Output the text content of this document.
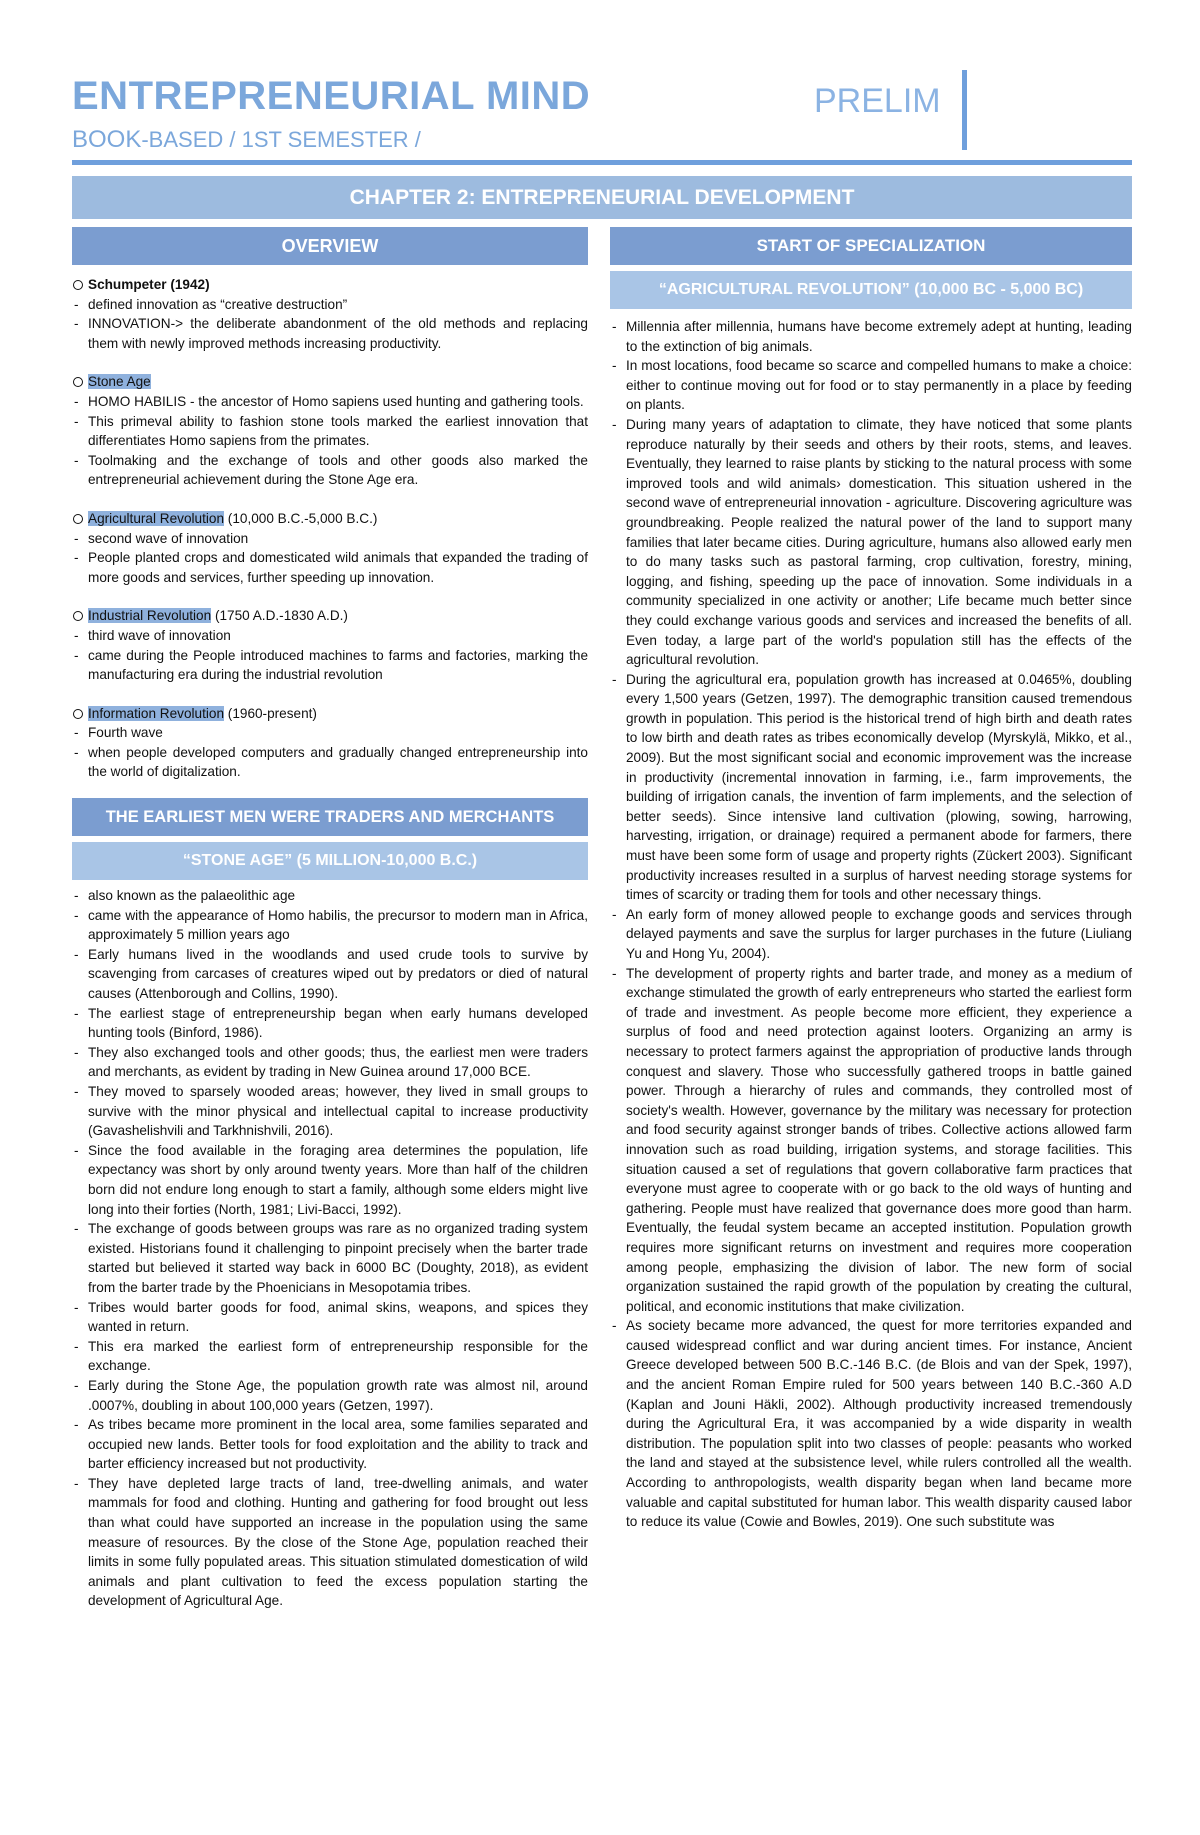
ENTREPRENEURIAL MIND	PRELIM
BOOK-BASED / 1ST SEMESTER /
CHAPTER 2: ENTREPRENEURIAL DEVELOPMENT
OVERVIEW
Schumpeter (1942)
- defined innovation as “creative destruction”
- INNOVATION-> the deliberate abandonment of the old methods and replacing them with newly improved methods increasing productivity.
Stone Age
- HOMO HABILIS - the ancestor of Homo sapiens used hunting and gathering tools.
- This primeval ability to fashion stone tools marked the earliest innovation that differentiates Homo sapiens from the primates.
- Toolmaking and the exchange of tools and other goods also marked the entrepreneurial achievement during the Stone Age era.
Agricultural Revolution (10,000 B.C.-5,000 B.C.)
- second wave of innovation
- People planted crops and domesticated wild animals that expanded the trading of more goods and services, further speeding up innovation.
Industrial Revolution (1750 A.D.-1830 A.D.)
- third wave of innovation
- came during the People introduced machines to farms and factories, marking the manufacturing era during the industrial revolution
Information Revolution (1960-present)
- Fourth wave
- when people developed computers and gradually changed entrepreneurship into the world of digitalization.
THE EARLIEST MEN WERE TRADERS AND MERCHANTS
“STONE AGE” (5 MILLION-10,000 B.C.)
- also known as the palaeolithic age
- came with the appearance of Homo habilis, the precursor to modern man in Africa, approximately 5 million years ago
- Early humans lived in the woodlands and used crude tools to survive by scavenging from carcases of creatures wiped out by predators or died of natural causes (Attenborough and Collins, 1990).
- The earliest stage of entrepreneurship began when early humans developed hunting tools (Binford, 1986).
- They also exchanged tools and other goods; thus, the earliest men were traders and merchants, as evident by trading in New Guinea around 17,000 BCE.
- They moved to sparsely wooded areas; however, they lived in small groups to survive with the minor physical and intellectual capital to increase productivity (Gavashelishvili and Tarkhnishvili, 2016).
- Since the food available in the foraging area determines the population, life expectancy was short by only around twenty years. More than half of the children born did not endure long enough to start a family, although some elders might live long into their forties (North, 1981; Livi-Bacci, 1992).
- The exchange of goods between groups was rare as no organized trading system existed. Historians found it challenging to pinpoint precisely when the barter trade started but believed it started way back in 6000 BC (Doughty, 2018), as evident from the barter trade by the Phoenicians in Mesopotamia tribes.
- Tribes would barter goods for food, animal skins, weapons, and spices they wanted in return.
- This era marked the earliest form of entrepreneurship responsible for the exchange.
- Early during the Stone Age, the population growth rate was almost nil, around .0007%, doubling in about 100,000 years (Getzen, 1997).
- As tribes became more prominent in the local area, some families separated and occupied new lands. Better tools for food exploitation and the ability to track and barter efficiency increased but not productivity.
- They have depleted large tracts of land, tree-dwelling animals, and water mammals for food and clothing. Hunting and gathering for food brought out less than what could have supported an increase in the population using the same measure of resources. By the close of the Stone Age, population reached their limits in some fully populated areas. This situation stimulated domestication of wild animals and plant cultivation to feed the excess population starting the development of Agricultural Age.
START OF SPECIALIZATION
“AGRICULTURAL REVOLUTION” (10,000 BC - 5,000 BC)
- Millennia after millennia, humans have become extremely adept at hunting, leading to the extinction of big animals.
- In most locations, food became so scarce and compelled humans to make a choice: either to continue moving out for food or to stay permanently in a place by feeding on plants.
- During many years of adaptation to climate, they have noticed that some plants reproduce naturally by their seeds and others by their roots, stems, and leaves. Eventually, they learned to raise plants by sticking to the natural process with some improved tools and wild animals› domestication. This situation ushered in the second wave of entrepreneurial innovation - agriculture. Discovering agriculture was groundbreaking. People realized the natural power of the land to support many families that later became cities. During agriculture, humans also allowed early men to do many tasks such as pastoral farming, crop cultivation, forestry, mining, logging, and fishing, speeding up the pace of innovation. Some individuals in a community specialized in one activity or another; Life became much better since they could exchange various goods and services and increased the benefits of all. Even today, a large part of the world's population still has the effects of the agricultural revolution.
- During the agricultural era, population growth has increased at 0.0465%, doubling every 1,500 years (Getzen, 1997). The demographic transition caused tremendous growth in population. This period is the historical trend of high birth and death rates to low birth and death rates as tribes economically develop (Myrskylä, Mikko, et al., 2009). But the most significant social and economic improvement was the increase in productivity (incremental innovation in farming, i.e., farm improvements, the building of irrigation canals, the invention of farm implements, and the selection of better seeds). Since intensive land cultivation (plowing, sowing, harrowing, harvesting, irrigation, or drainage) required a permanent abode for farmers, there must have been some form of usage and property rights (Zückert 2003). Significant productivity increases resulted in a surplus of harvest needing storage systems for times of scarcity or trading them for tools and other necessary things.
- An early form of money allowed people to exchange goods and services through delayed payments and save the surplus for larger purchases in the future (Liuliang Yu and Hong Yu, 2004).
- The development of property rights and barter trade, and money as a medium of exchange stimulated the growth of early entrepreneurs who started the earliest form of trade and investment. As people become more efficient, they experience a surplus of food and need protection against looters. Organizing an army is necessary to protect farmers against the appropriation of productive lands through conquest and slavery. Those who successfully gathered troops in battle gained power. Through a hierarchy of rules and commands, they controlled most of society's wealth. However, governance by the military was necessary for protection and food security against stronger bands of tribes. Collective actions allowed farm innovation such as road building, irrigation systems, and storage facilities. This situation caused a set of regulations that govern collaborative farm practices that everyone must agree to cooperate with or go back to the old ways of hunting and gathering. People must have realized that governance does more good than harm. Eventually, the feudal system became an accepted institution. Population growth requires more significant returns on investment and requires more cooperation among people, emphasizing the division of labor. The new form of social organization sustained the rapid growth of the population by creating the cultural, political, and economic institutions that make civilization.
- As society became more advanced, the quest for more territories expanded and caused widespread conflict and war during ancient times. For instance, Ancient Greece developed between 500 B.C.-146 B.C. (de Blois and van der Spek, 1997), and the ancient Roman Empire ruled for 500 years between 140 B.C.-360 A.D (Kaplan and Jouni Häkli, 2002). Although productivity increased tremendously during the Agricultural Era, it was accompanied by a wide disparity in wealth distribution. The population split into two classes of people: peasants who worked the land and stayed at the subsistence level, while rulers controlled all the wealth. According to anthropologists, wealth disparity began when land became more valuable and capital substituted for human labor. This wealth disparity caused labor to reduce its value (Cowie and Bowles, 2019). One such substitute was
